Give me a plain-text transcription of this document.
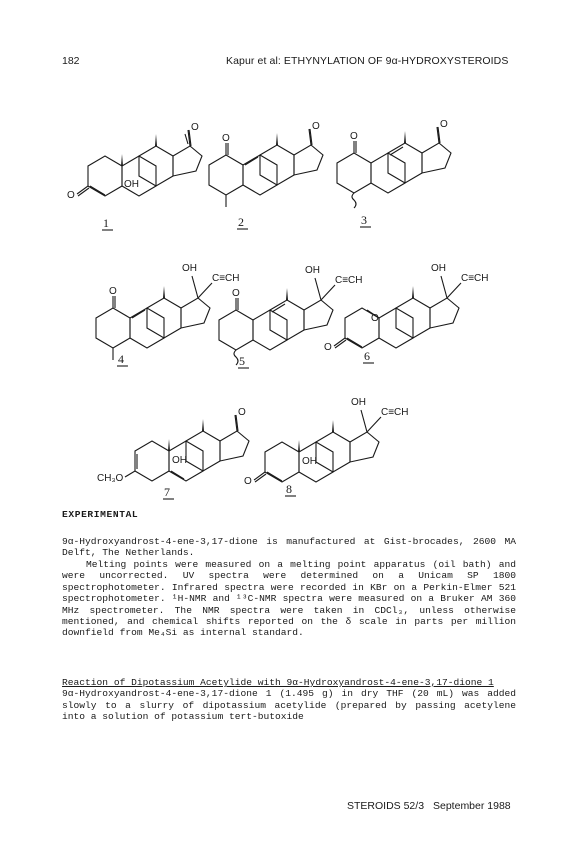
182	Kapur et al: ETHYNYLATION OF 9α-HYDROXYSTEROIDS
O
O
OH
1
O
O
2
O
O
3
OH
C≡CH
O
4
OH
C≡CH
O
5
OH
C≡CH
O
O
6
O
OH
CH₃O
7
OH
C≡CH
OH
O
8
EXPERIMENTAL

9α-Hydroxyandrost-4-ene-3,17-dione is manufactured at Gist-brocades, 2600 MA Delft, The Netherlands.

Melting points were measured on a melting point apparatus (oil bath) and were uncorrected. UV spectra were determined on a Unicam SP 1800 spectrophotometer. Infrared spectra were recorded in KBr on a Perkin-Elmer 521 spectrophotometer. ¹H-NMR and ¹³C-NMR spectra were measured on a Bruker AM 360 MHz spectrometer. The NMR spectra were taken in CDCl₃, unless otherwise mentioned, and chemical shifts reported on the δ scale in parts per million downfield from Me₄Si as internal standard.

Reaction of Dipotassium Acetylide with 9α-Hydroxyandrost-4-ene-3,17-dione 1
9α-Hydroxyandrost-4-ene-3,17-dione 1 (1.495 g) in dry THF (20 mL) was added slowly to a slurry of dipotassium acetylide (prepared by passing acetylene into a solution of potassium tert-butoxide
STEROIDS 52/3 September 1988
